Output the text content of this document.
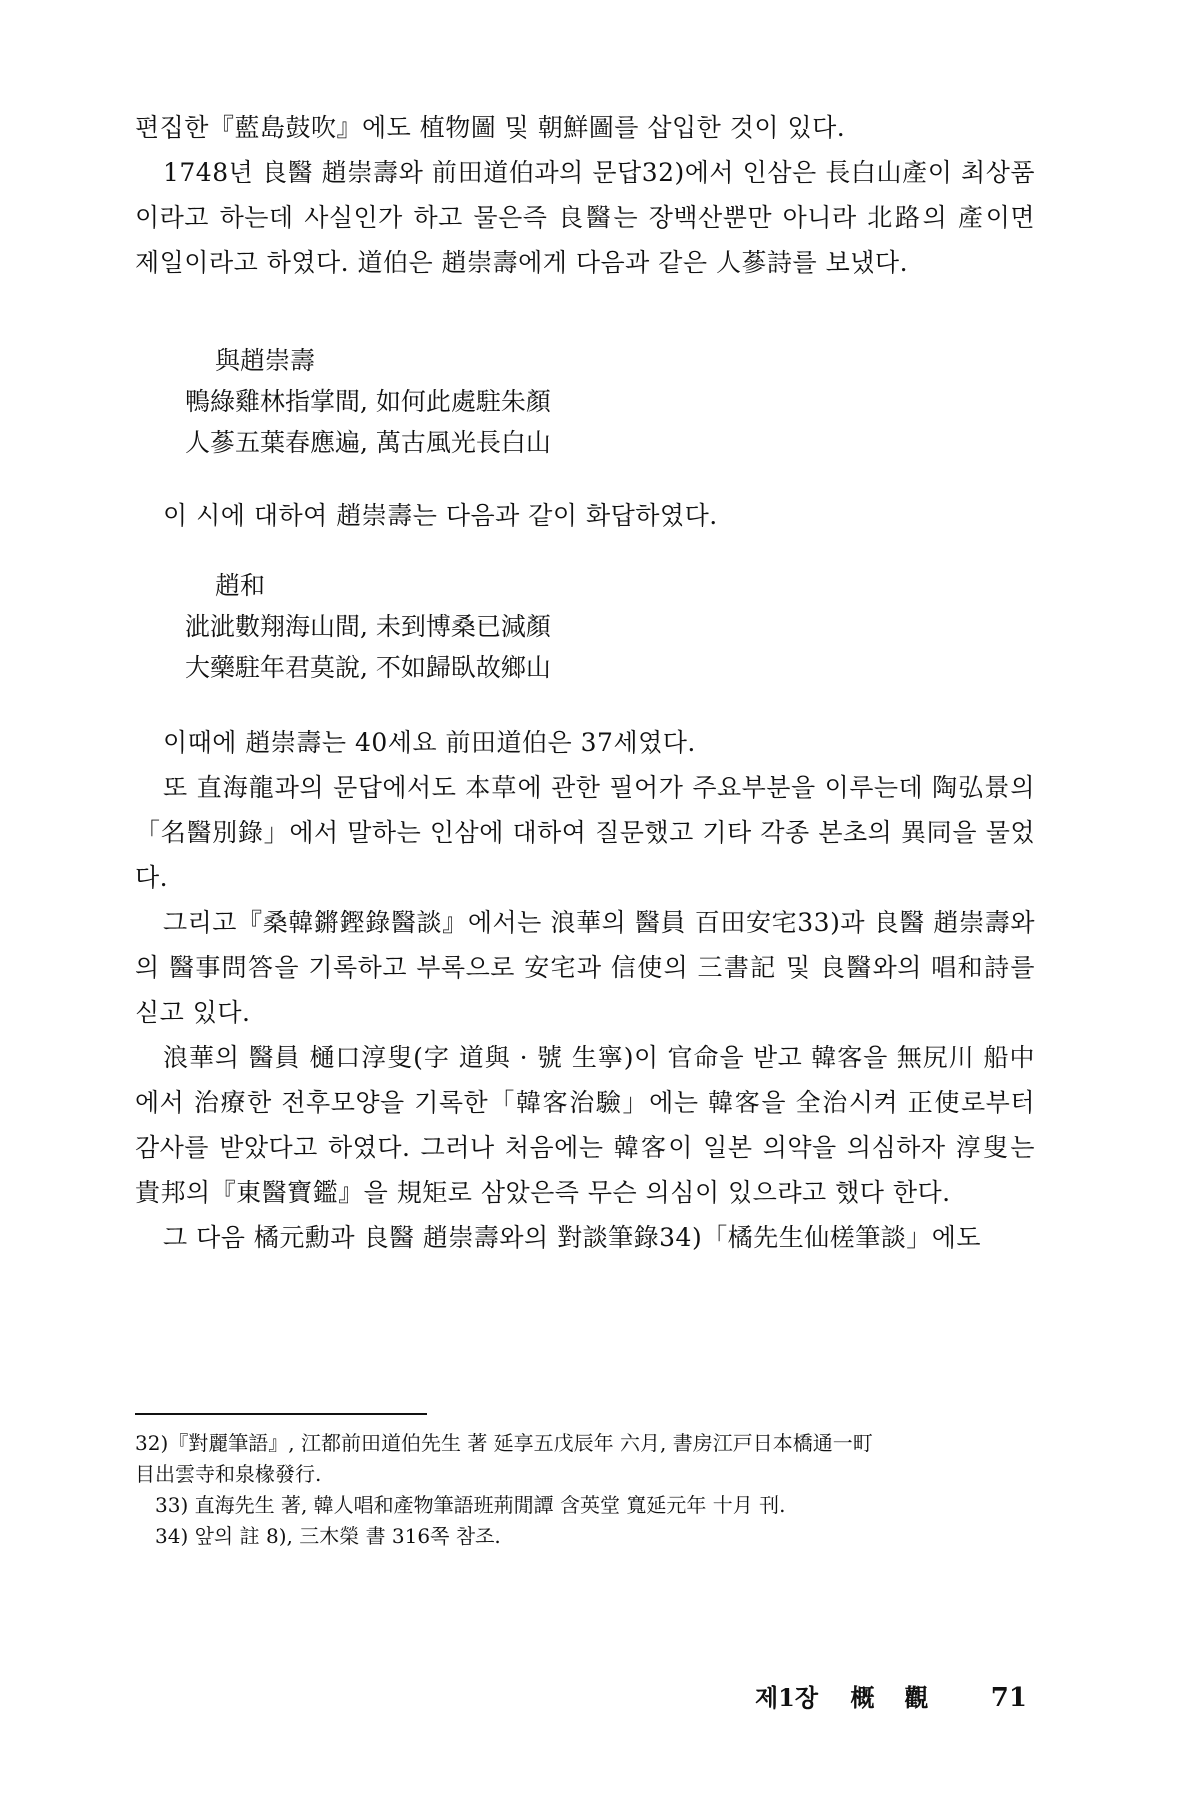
편집한『藍島鼓吹』에도 植物圖 및 朝鮮圖를 삽입한 것이 있다.

1748년 良醫 趙崇壽와 前田道伯과의 문답32)에서 인삼은 長白山產이 최상품이라고 하는데 사실인가 하고 물은즉 良醫는 장백산뿐만 아니라 北路의 產이면 제일이라고 하였다. 道伯은 趙崇壽에게 다음과 같은 人蔘詩를 보냈다.

與趙崇壽
鴨綠雞林指掌間, 如何此處駐朱顏
人蔘五葉春應遍, 萬古風光長白山

이 시에 대하여 趙崇壽는 다음과 같이 화답하였다.

趙和
泚泚數翔海山間, 未到博桑已減顏
大藥駐年君莫說, 不如歸臥故鄉山

이때에 趙崇壽는 40세요 前田道伯은 37세였다.

또 直海龍과의 문답에서도 本草에 관한 필어가 주요부분을 이루는데 陶弘景의「名醫別錄」에서 말하는 인삼에 대하여 질문했고 기타 각종 본초의 異同을 물었다.

그리고『桑韓鏘鏗錄醫談』에서는 浪華의 醫員 百田安宅33)과 良醫 趙崇壽와의 醫事問答을 기록하고 부록으로 安宅과 信使의 三書記 및 良醫와의 唱和詩를 싣고 있다.

浪華의 醫員 樋口淳叟(字 道與 · 號 生寧)이 官命을 받고 韓客을 無尻川 船中에서 治療한 전후모양을 기록한「韓客治驗」에는 韓客을 全治시켜 正使로부터 감사를 받았다고 하였다. 그러나 처음에는 韓客이 일본 의약을 의심하자 淳叟는 貴邦의『東醫寶鑑』을 規矩로 삼았은즉 무슨 의심이 있으랴고 했다 한다.

그 다음 橘元勳과 良醫 趙崇壽와의 對談筆錄34)「橘先生仙槎筆談」에도

32)『對麗筆語』, 江都前田道伯先生 著 延享五戊辰年 六月, 書房江戸日本橋通一町

目出雲寺和泉椽發行.

33) 直海先生 著, 韓人唱和產物筆語班荊閒譚 含英堂 寬延元年 十月 刊.

34) 앞의 註 8), 三木榮 書 316쪽 참조.

제1장 概觀 71
